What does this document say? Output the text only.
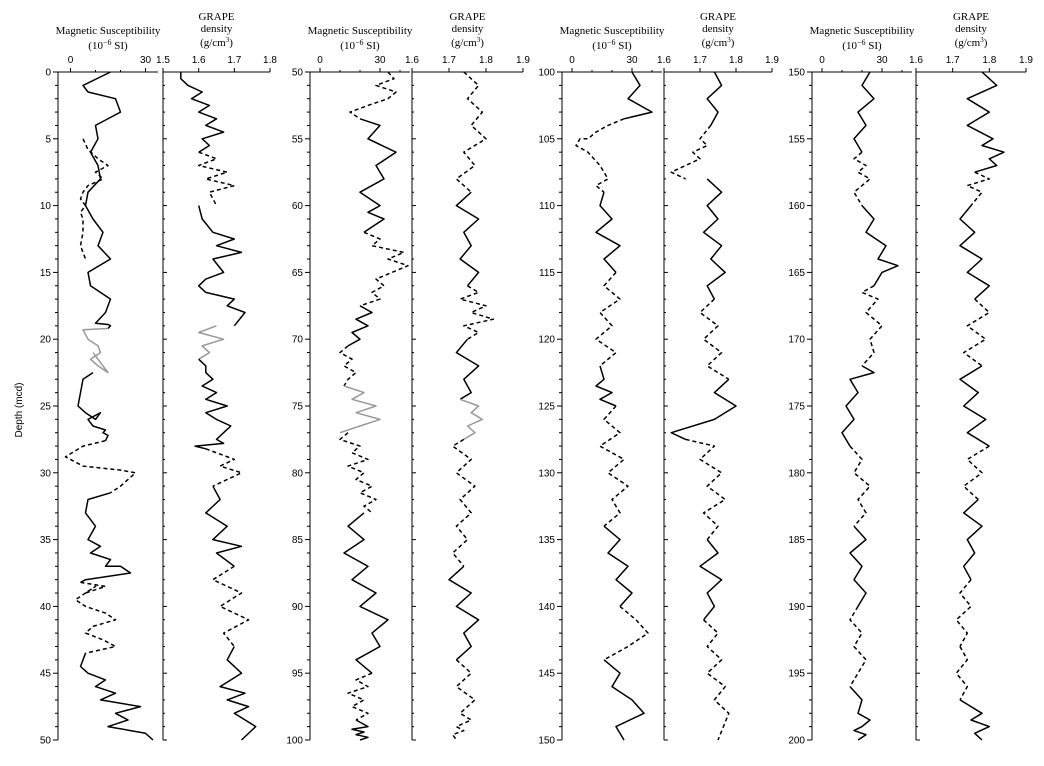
Depth (mcd)
Magnetic Susceptibility
($10^{-6}$ SI)
0	30
0
5
10
15
20
25
30
35
40
45
50
GRAPE
density
$(g/cm^3)$
1.5 1.6 1.7 1.8
Magnetic Susceptibility
($10^{-6}$ SI)
0	30
50
55
60
65
70
75
80
85
90
95
100
GRAPE
density
$(g/cm^3)$
1.6 1.7 1.8 1.9
Magnetic Susceptibility
($10^{-6}$ SI)
0	30
100
105
110
115
120
125
130
135
140
145
150
GRAPE
density
$(g/cm^3)$
1.6 1.7 1.8 1.9
Magnetic Susceptibility
($10^{-6}$ SI)
0	30
150
155
160
165
170
175
180
185
190
195
200
GRAPE
density
$(g/cm^3)$
1.6 1.7 1.8 1.9
